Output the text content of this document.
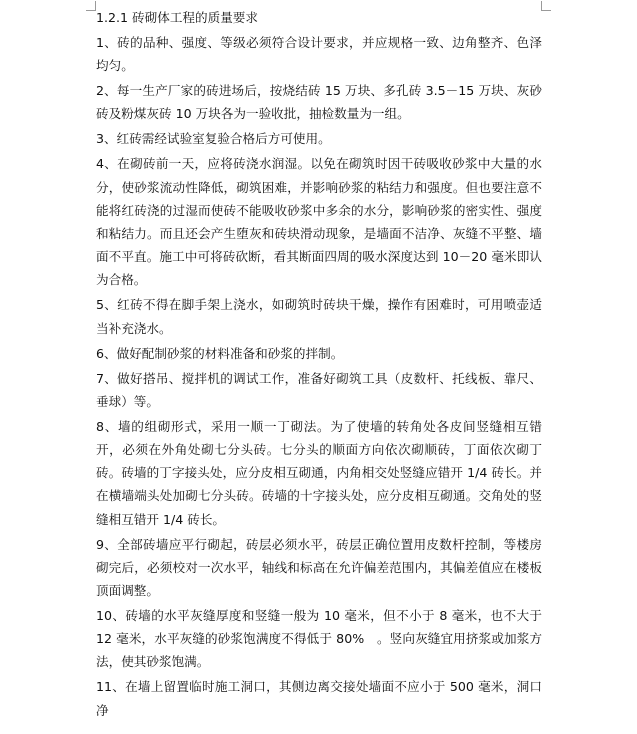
1.2.1 砖砌体工程的质量要求
1、砖的品种、强度、等级必须符合设计要求，并应规格一致、边角整齐、色泽均匀。
2、每一生产厂家的砖进场后，按烧结砖 15 万块、多孔砖 3.5－15 万块、灰砂砖及粉煤灰砖 10 万块各为一验收批，抽检数量为一组。
3、红砖需经试验室复验合格后方可使用。
4、在砌砖前一天，应将砖浇水润湿。以免在砌筑时因干砖吸收砂浆中大量的水分，使砂浆流动性降低，砌筑困难，并影响砂浆的粘结力和强度。但也要注意不能将红砖浇的过湿而使砖不能吸收砂浆中多余的水分，影响砂浆的密实性、强度和粘结力。而且还会产生堕灰和砖块滑动现象，是墙面不洁净、灰缝不平整、墙面不平直。施工中可将砖砍断，看其断面四周的吸水深度达到 10－20 毫米即认为合格。
5、红砖不得在脚手架上浇水，如砌筑时砖块干燥，操作有困难时，可用喷壶适当补充浇水。
6、做好配制砂浆的材料准备和砂浆的拌制。
7、做好搭吊、搅拌机的调试工作，准备好砌筑工具（皮数杆、托线板、靠尺、垂球）等。
8、墙的组砌形式，采用一顺一丁砌法。为了使墙的转角处各皮间竖缝相互错开，必须在外角处砌七分头砖。七分头的顺面方向依次砌顺砖，丁面依次砌丁砖。砖墙的丁字接头处，应分皮相互砌通，内角相交处竖缝应错开 1/4 砖长。并在横墙端头处加砌七分头砖。砖墙的十字接头处，应分皮相互砌通。交角处的竖缝相互错开 1/4 砖长。
9、全部砖墙应平行砌起，砖层必须水平，砖层正确位置用皮数杆控制，等楼房砌完后，必须校对一次水平，轴线和标高在允许偏差范围内，其偏差值应在楼板顶面调整。
10、砖墙的水平灰缝厚度和竖缝一般为 10 毫米，但不小于 8 毫米，也不大于 12 毫米，水平灰缝的砂浆饱满度不得低于 80%　。竖向灰缝宜用挤浆或加浆方法，使其砂浆饱满。
11、在墙上留置临时施工洞口，其侧边离交接处墙面不应小于 500 毫米，洞口净
